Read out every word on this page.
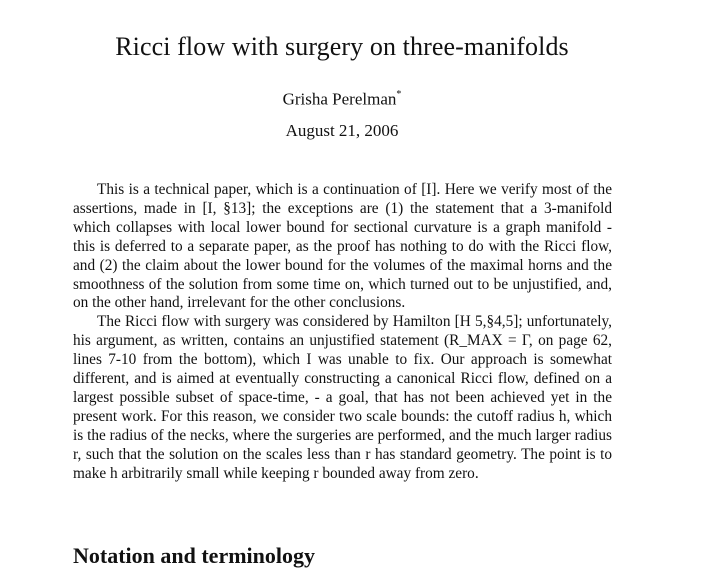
Ricci flow with surgery on three-manifolds
Grisha Perelman*
August 21, 2006

This is a technical paper, which is a continuation of [I]. Here we verify most of the assertions, made in [I, §13]; the exceptions are (1) the statement that a 3-manifold which collapses with local lower bound for sectional curvature is a graph manifold - this is deferred to a separate paper, as the proof has nothing to do with the Ricci flow, and (2) the claim about the lower bound for the volumes of the maximal horns and the smoothness of the solution from some time on, which turned out to be unjustified, and, on the other hand, irrelevant for the other conclusions.

The Ricci flow with surgery was considered by Hamilton [H 5,§4,5]; unfortunately, his argument, as written, contains an unjustified statement (R_MAX = Γ, on page 62, lines 7-10 from the bottom), which I was unable to fix. Our approach is somewhat different, and is aimed at eventually constructing a canonical Ricci flow, defined on a largest possible subset of space-time, - a goal, that has not been achieved yet in the present work. For this reason, we consider two scale bounds: the cutoff radius h, which is the radius of the necks, where the surgeries are performed, and the much larger radius r, such that the solution on the scales less than r has standard geometry. The point is to make h arbitrarily small while keeping r bounded away from zero.

Notation and terminology
